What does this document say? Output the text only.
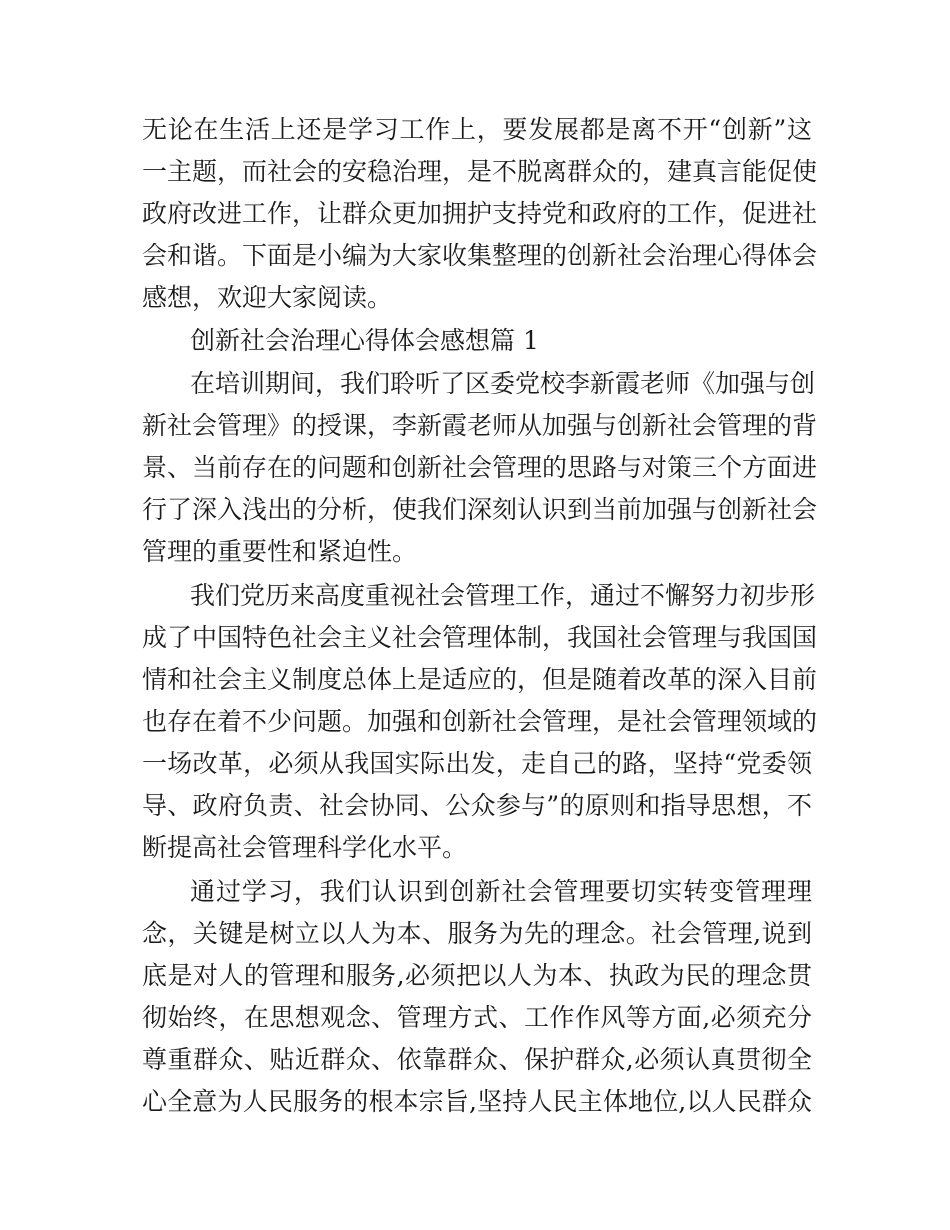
无论在生活上还是学习工作上，要发展都是离不开“创新”这
一主题，而社会的安稳治理，是不脱离群众的，建真言能促使
政府改进工作，让群众更加拥护支持党和政府的工作，促进社
会和谐。下面是小编为大家收集整理的创新社会治理心得体会
感想，欢迎大家阅读。
创新社会治理心得体会感想篇 1
在培训期间，我们聆听了区委党校李新霞老师《加强与创
新社会管理》的授课，李新霞老师从加强与创新社会管理的背
景、当前存在的问题和创新社会管理的思路与对策三个方面进
行了深入浅出的分析，使我们深刻认识到当前加强与创新社会
管理的重要性和紧迫性。
我们党历来高度重视社会管理工作，通过不懈努力初步形
成了中国特色社会主义社会管理体制，我国社会管理与我国国
情和社会主义制度总体上是适应的，但是随着改革的深入目前
也存在着不少问题。加强和创新社会管理，是社会管理领域的
一场改革，必须从我国实际出发，走自己的路，坚持“党委领
导、政府负责、社会协同、公众参与”的原则和指导思想，不
断提高社会管理科学化水平。
通过学习，我们认识到创新社会管理要切实转变管理理
念，关键是树立以人为本、服务为先的理念。社会管理,说到
底是对人的管理和服务,必须把以人为本、执政为民的理念贯
彻始终，在思想观念、管理方式、工作作风等方面,必须充分
尊重群众、贴近群众、依靠群众、保护群众,必须认真贯彻全
心全意为人民服务的根本宗旨,坚持人民主体地位,以人民群众
